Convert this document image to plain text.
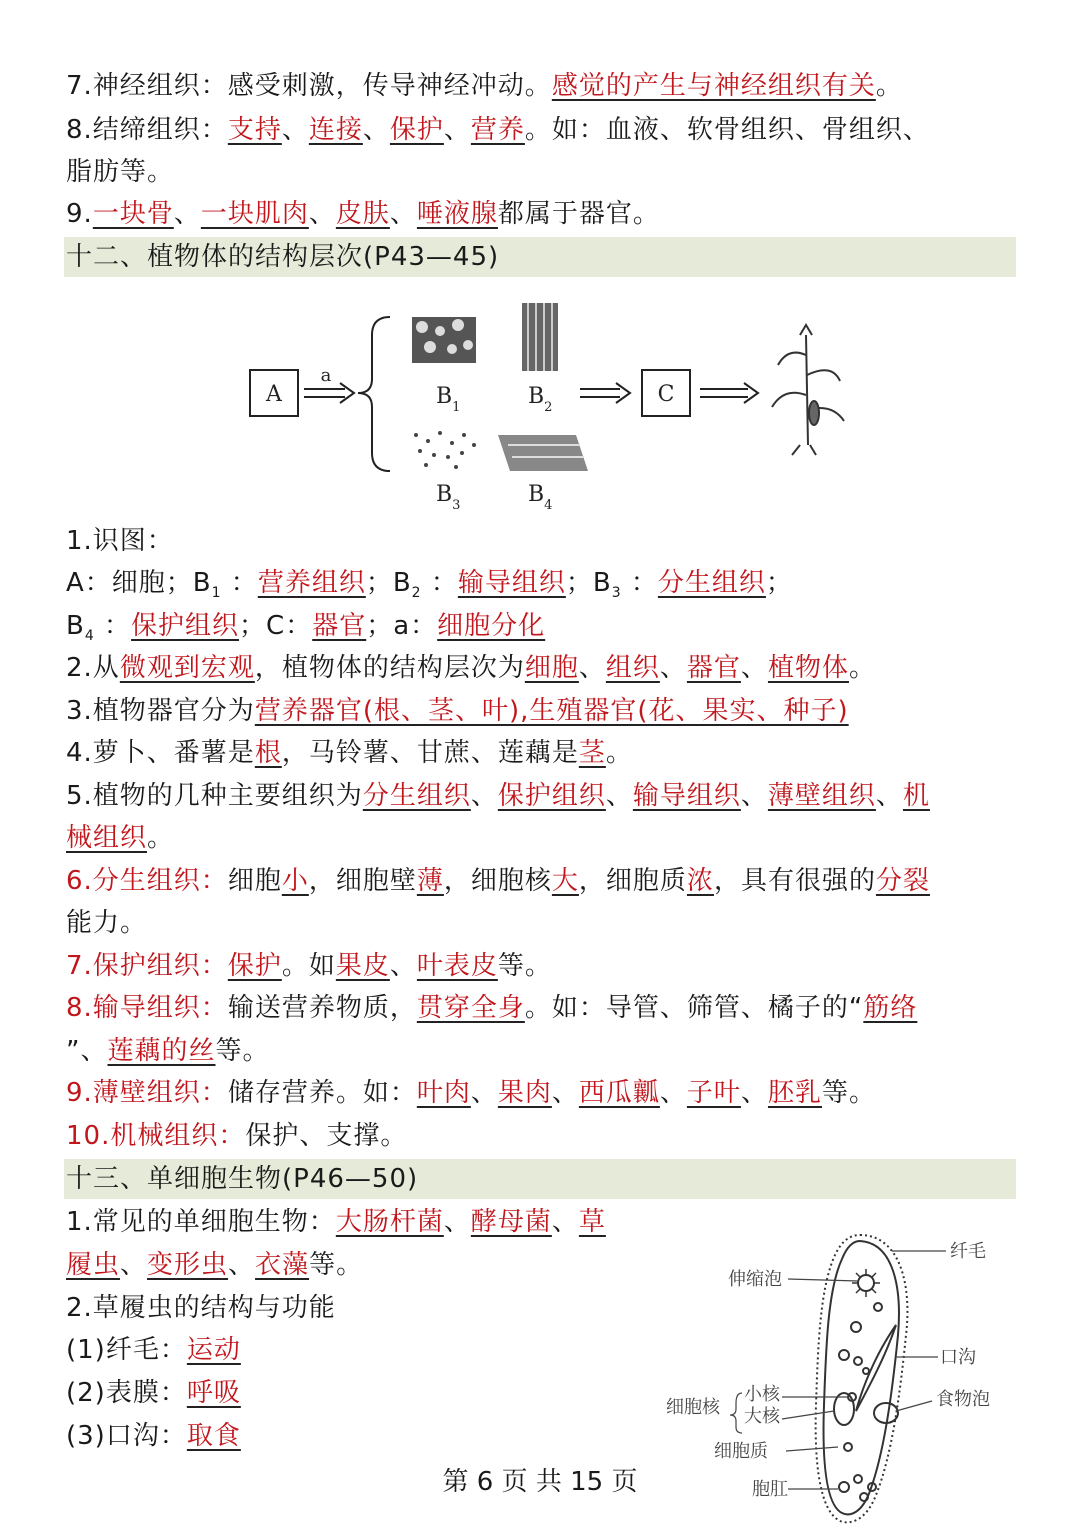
7.神经组织：感受刺激，传导神经冲动。感觉的产生与神经组织有关。
8.结缔组织：支持、连接、保护、营养。如：血液、软骨组织、骨组织、
脂肪等。
9.一块骨、一块肌肉、皮肤、唾液腺都属于器官。
十二、植物体的结构层次(P43—45)
A
a
$B_1$	$B_2$
$B_3$	$B_4$
C
1.识图：
A：细胞；$B_1$ ：营养组织；$B_2$ ：输导组织；$B_3$ ：分生组织；
$B_4$ ：保护组织；C：器官；a：细胞分化
2.从微观到宏观，植物体的结构层次为细胞、组织、器官、植物体。
3.植物器官分为营养器官(根、茎、叶),生殖器官(花、果实、种子)
4.萝卜、番薯是根，马铃薯、甘蔗、莲藕是茎。
5.植物的几种主要组织为分生组织、保护组织、输导组织、薄壁组织、机
械组织。
6.分生组织：细胞小，细胞壁薄，细胞核大，细胞质浓，具有很强的分裂
能力。
7.保护组织：保护。如果皮、叶表皮等。
8.输导组织：输送营养物质，贯穿全身。如：导管、筛管、橘子的“筋络
”、莲藕的丝等。
9.薄壁组织：储存营养。如：叶肉、果肉、西瓜瓤、子叶、胚乳等。
10.机械组织：保护、支撑。
十三、单细胞生物(P46—50)
1.常见的单细胞生物：大肠杆菌、酵母菌、草
履虫、变形虫、衣藻等。
2.草履虫的结构与功能
(1)纤毛：运动
(2)表膜：呼吸
(3)口沟：取食
纤毛
伸缩泡
口沟
食物泡
细胞核
小核
大核
细胞质
胞肛
第 6 页 共 15 页
